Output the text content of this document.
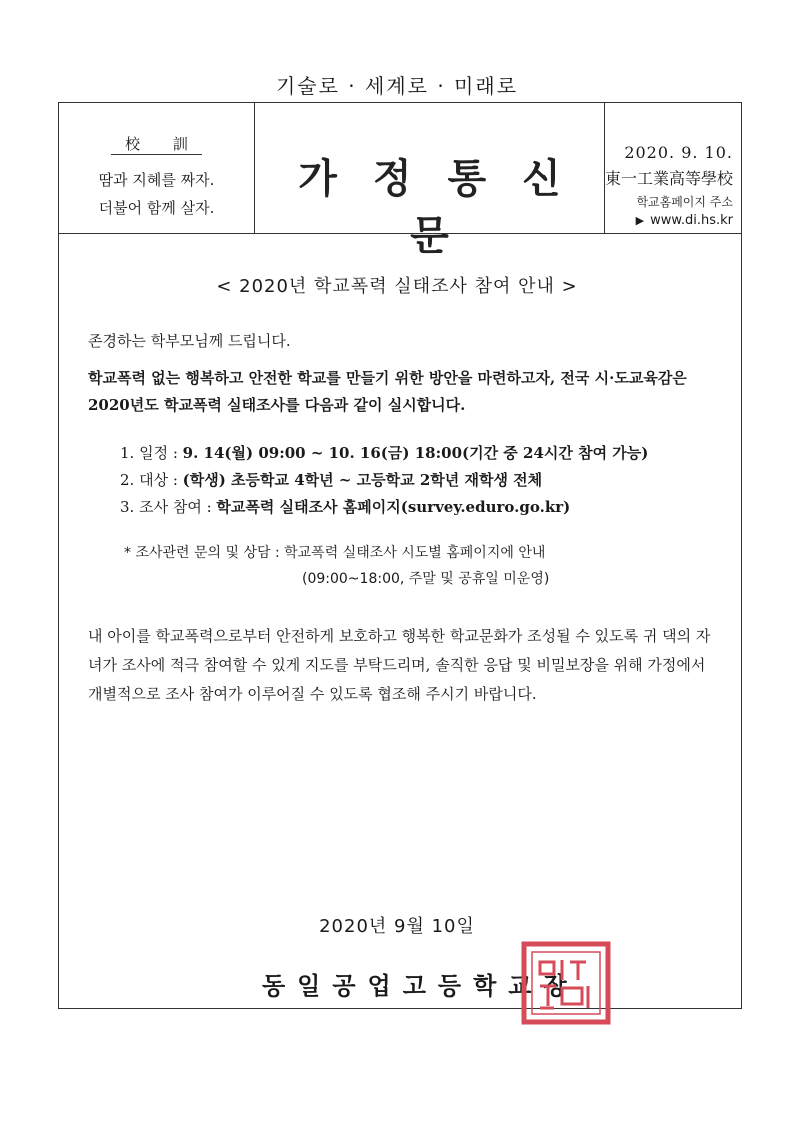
기술로 · 세계로 · 미래로
校 訓
땀과 지혜를 짜자.
더불어 함께 살자.
가정통신문
2020. 9. 10.
東一工業高等學校
학교홈페이지 주소
▶ www.di.hs.kr
< 2020년 학교폭력 실태조사 참여 안내 >
존경하는 학부모님께 드립니다.
학교폭력 없는 행복하고 안전한 학교를 만들기 위한 방안을 마련하고자, 전국 시·도교육감은 2020년도 학교폭력 실태조사를 다음과 같이 실시합니다.
1. 일정 : 9. 14(월) 09:00 ~ 10. 16(금) 18:00(기간 중 24시간 참여 가능)
2. 대상 : (학생) 초등학교 4학년 ~ 고등학교 2학년 재학생 전체
3. 조사 참여 : 학교폭력 실태조사 홈페이지(survey.eduro.go.kr)
* 조사관련 문의 및 상담 : 학교폭력 실태조사 시도별 홈페이지에 안내
(09:00~18:00, 주말 및 공휴일 미운영)
내 아이를 학교폭력으로부터 안전하게 보호하고 행복한 학교문화가 조성될 수 있도록 귀 댁의 자녀가 조사에 적극 참여할 수 있게 지도를 부탁드리며, 솔직한 응답 및 비밀보장을 위해 가정에서 개별적으로 조사 참여가 이루어질 수 있도록 협조해 주시기 바랍니다.
2020년 9월 10일
동일공업고등학교장
